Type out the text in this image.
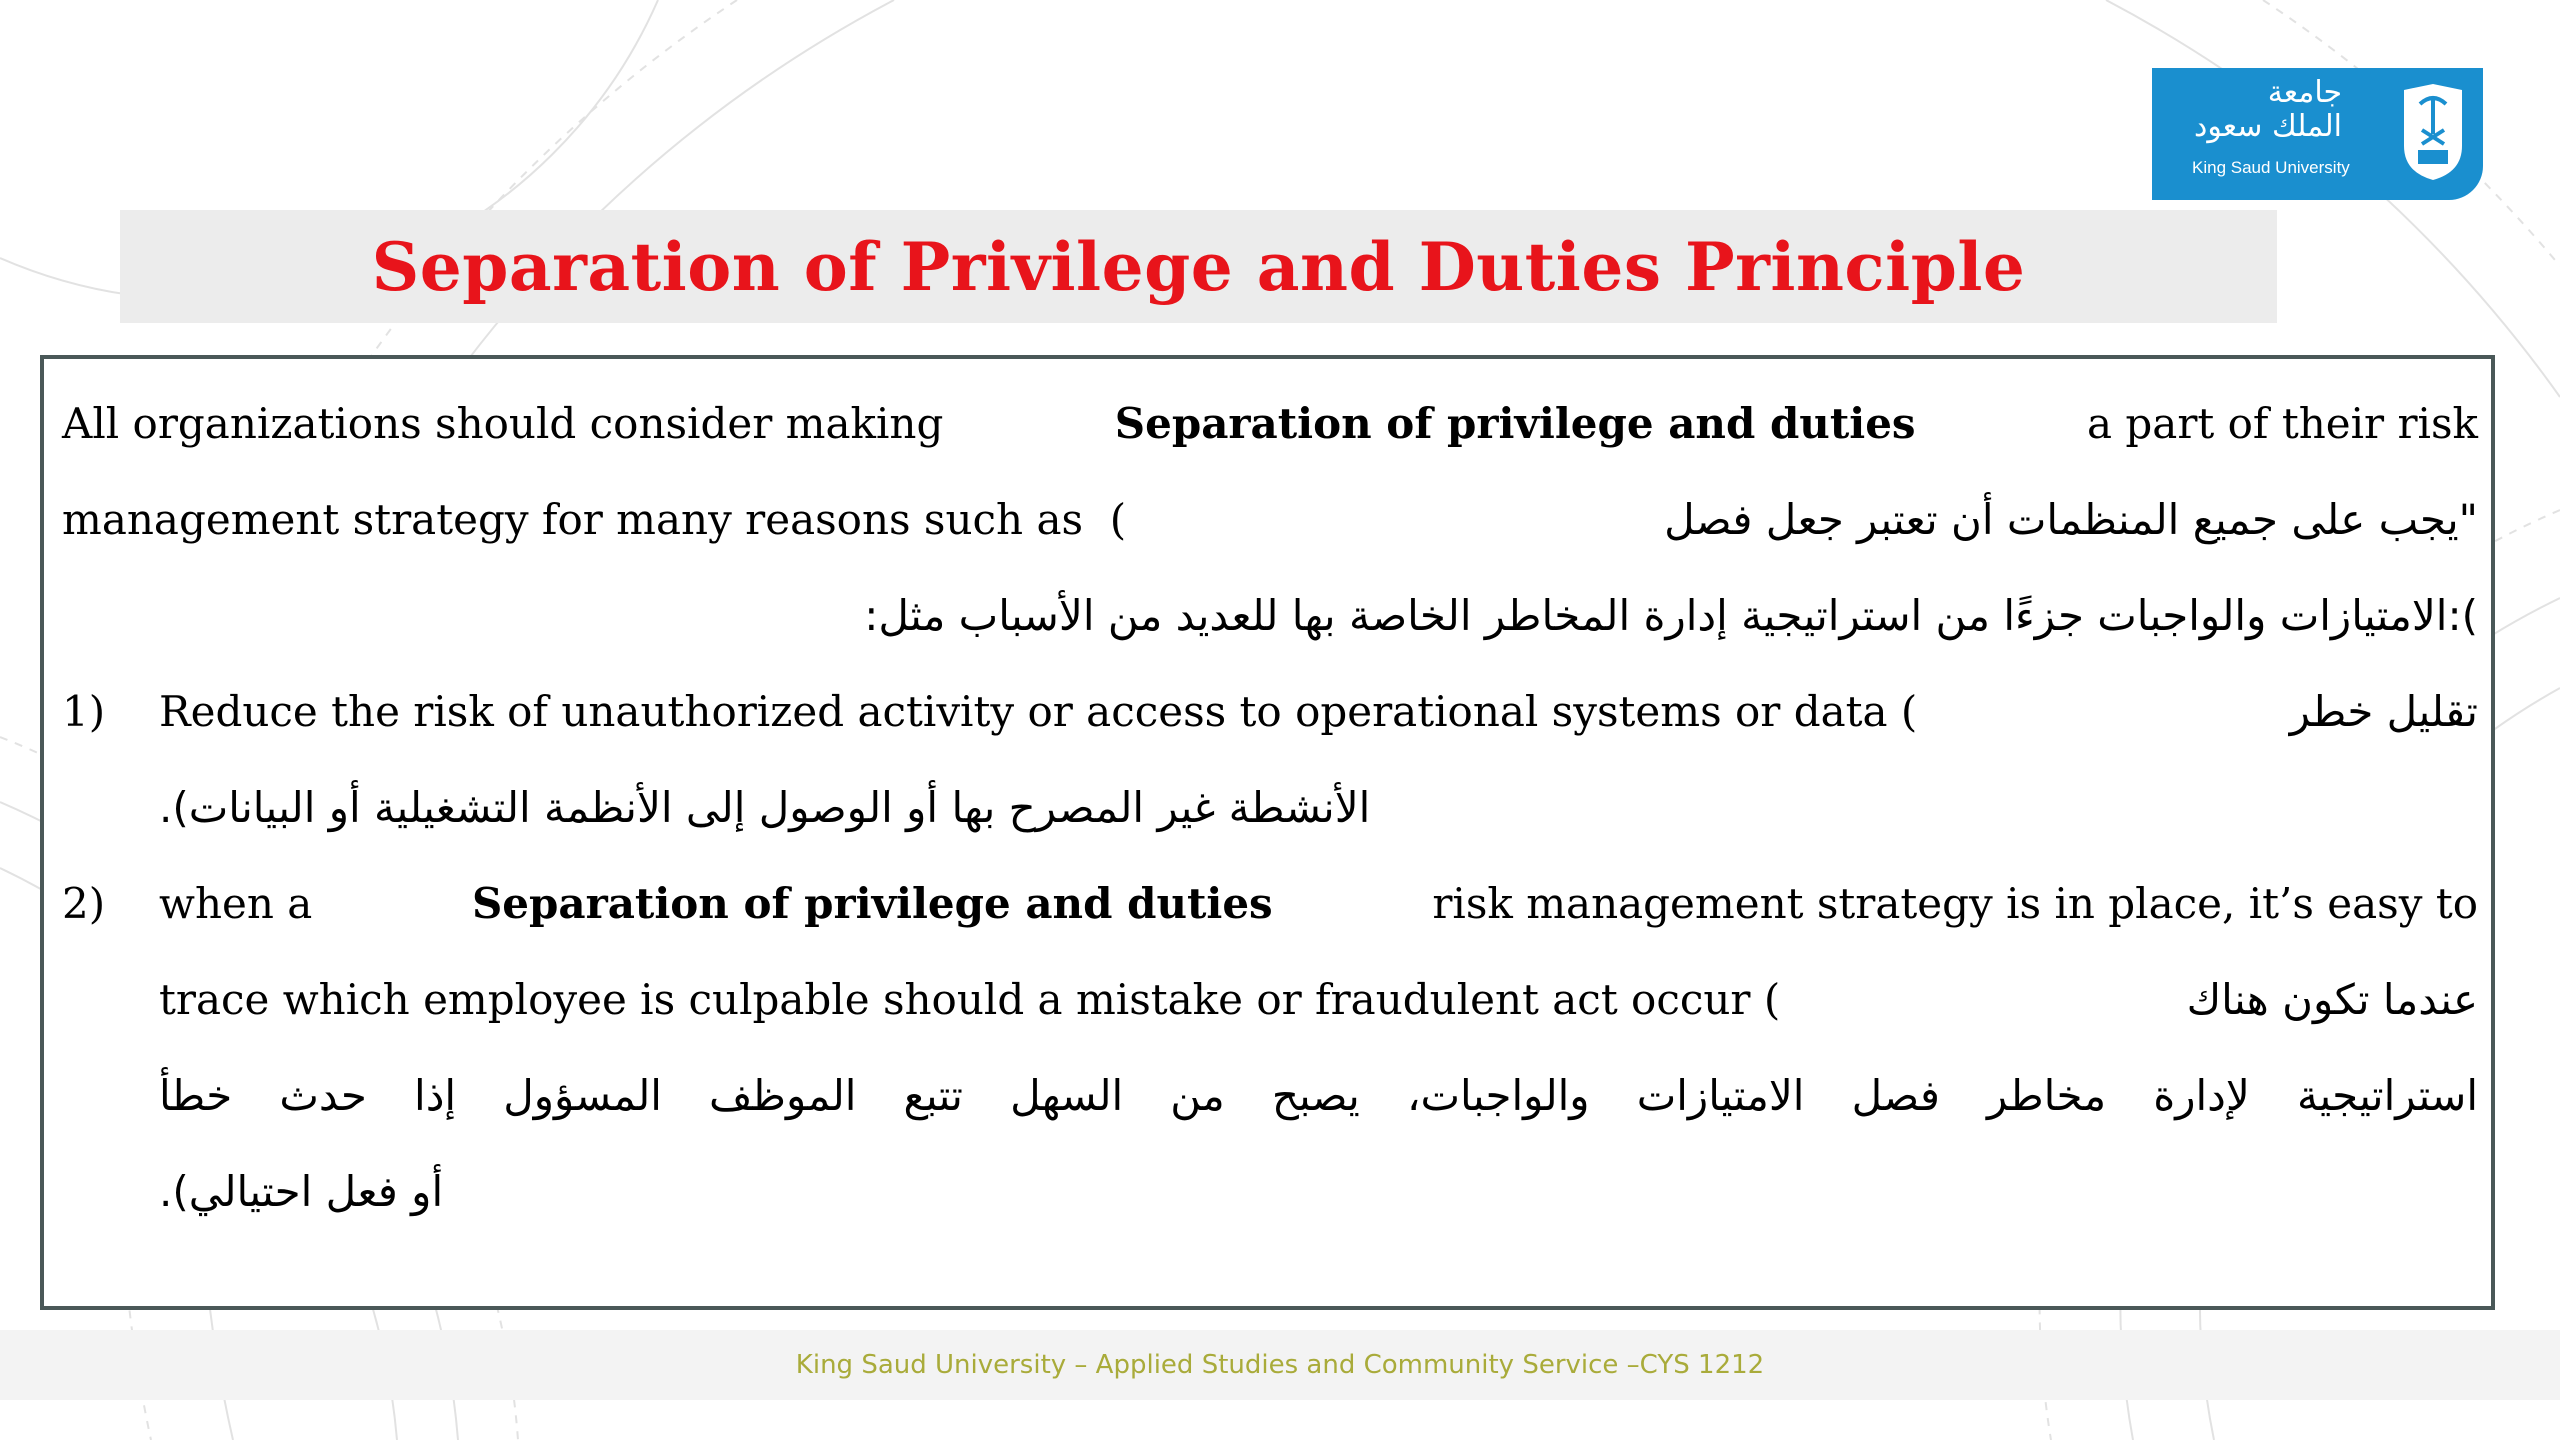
جامعة
الملك سعود
King Saud University
Separation of Privilege and Duties Principle
All organizations should consider making	Separation of privilege and duties	a part of their risk
management strategy for many reasons such as  (	"يجب على جميع المنظمات أن تعتبر جعل فصل
):الامتيازات والواجبات جزءًا من استراتيجية إدارة المخاطر الخاصة بها للعديد من الأسباب مثل:
1) Reduce the risk of unauthorized activity or access to operational systems or data (	تقليل خطر
الأنشطة غير المصرح بها أو الوصول إلى الأنظمة التشغيلية أو البيانات).
2) when a	Separation of privilege and duties	risk management strategy is in place, it’s easy to
trace which employee is culpable should a mistake or fraudulent act occur (	عندما تكون هناك
استراتيجية لإدارة مخاطر فصل الامتيازات والواجبات، يصبح من السهل تتبع الموظف المسؤول إذا حدث خطأ
أو فعل احتيالي).
King Saud University – Applied Studies and Community Service –CYS 1212
